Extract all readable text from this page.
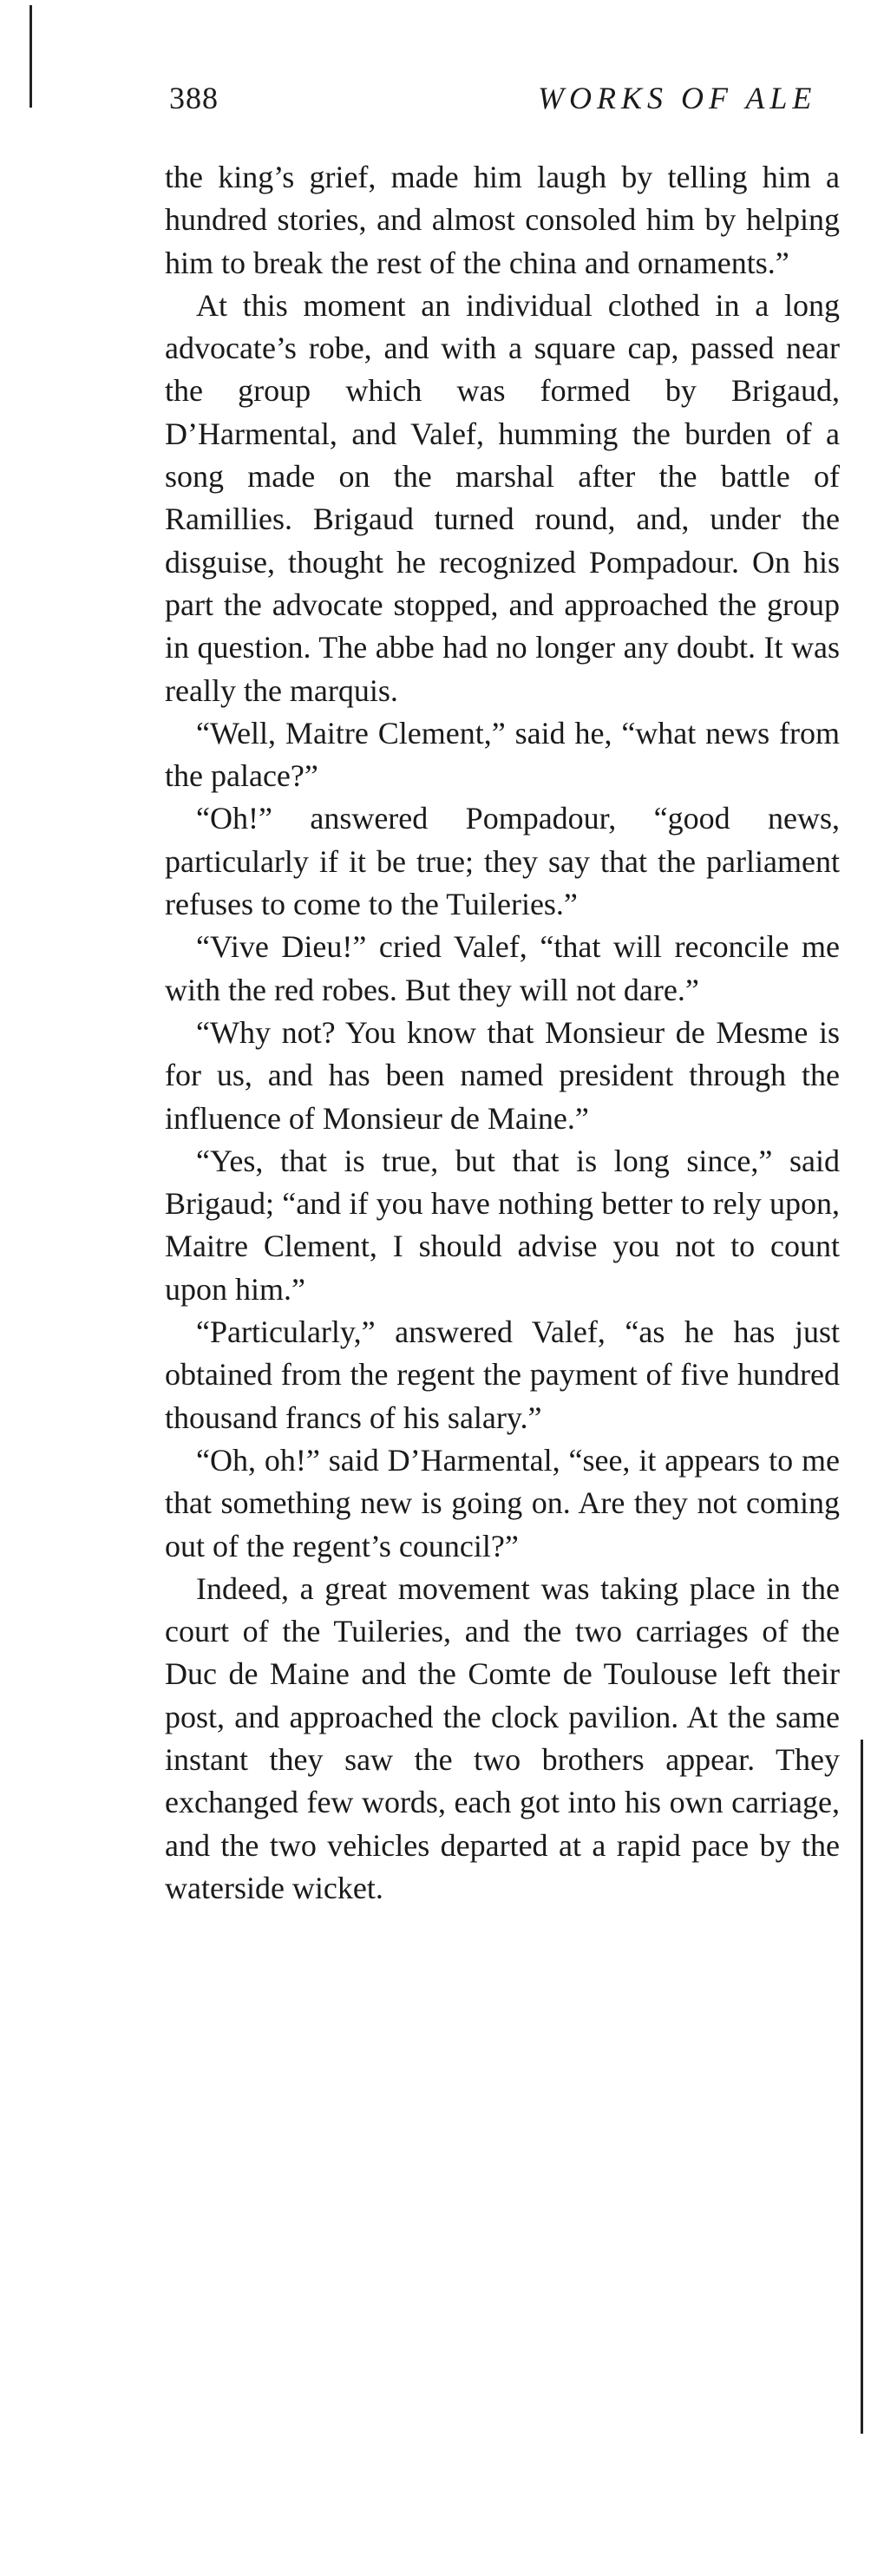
388	WORKS OF ALE

the king’s grief, made him laugh by telling him a hundred stories, and almost consoled him by helping him to break the rest of the china and ornaments.”

At this moment an individual clothed in a long advocate’s robe, and with a square cap, passed near the group which was formed by Brigaud, D’Harmental, and Valef, humming the burden of a song made on the marshal after the battle of Ramillies. Brigaud turned round, and, under the disguise, thought he recognized Pompadour. On his part the advocate stopped, and approached the group in question. The abbe had no longer any doubt. It was really the marquis.

“Well, Maitre Clement,” said he, “what news from the palace?”

“Oh!” answered Pompadour, “good news, particularly if it be true; they say that the parliament refuses to come to the Tuileries.”

“Vive Dieu!” cried Valef, “that will reconcile me with the red robes. But they will not dare.”

“Why not? You know that Monsieur de Mesme is for us, and has been named president through the influence of Monsieur de Maine.”

“Yes, that is true, but that is long since,” said Brigaud; “and if you have nothing better to rely upon, Maitre Clement, I should advise you not to count upon him.”

“Particularly,” answered Valef, “as he has just obtained from the regent the payment of five hundred thousand francs of his salary.”

“Oh, oh!” said D’Harmental, “see, it appears to me that something new is going on. Are they not coming out of the regent’s council?”

Indeed, a great movement was taking place in the court of the Tuileries, and the two carriages of the Duc de Maine and the Comte de Toulouse left their post, and approached the clock pavilion. At the same instant they saw the two brothers appear. They exchanged few words, each got into his own carriage, and the two vehicles departed at a rapid pace by the waterside wicket.
